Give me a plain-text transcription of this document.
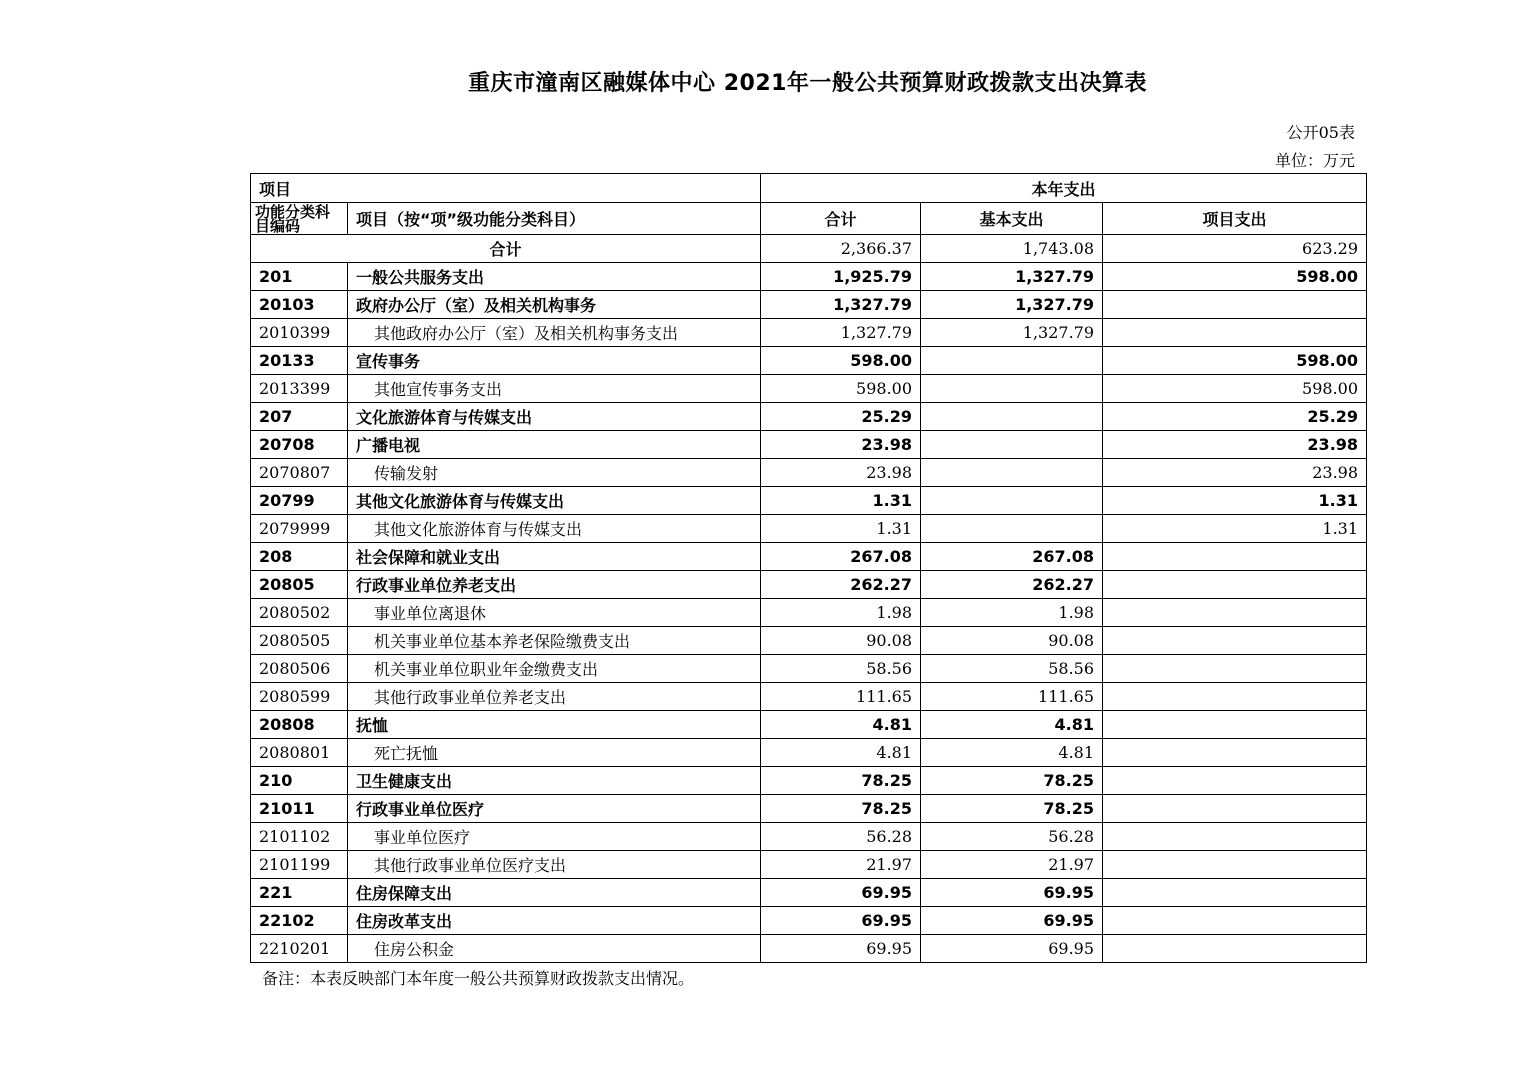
重庆市潼南区融媒体中心 2021年一般公共预算财政拨款支出决算表
公开05表
单位：万元
项目		本年支出		
功能分类科目编码	项目（按“项”级功能分类科目）	合计	基本支出	项目支出
合计		2,366.37	1,743.08	623.29
201	一般公共服务支出	1,925.79	1,327.79	598.00
20103	政府办公厅（室）及相关机构事务	1,327.79	1,327.79	
2010399	其他政府办公厅（室）及相关机构事务支出	1,327.79	1,327.79	
20133	宣传事务	598.00		598.00
2013399	其他宣传事务支出	598.00		598.00
207	文化旅游体育与传媒支出	25.29		25.29
20708	广播电视	23.98		23.98
2070807	传输发射	23.98		23.98
20799	其他文化旅游体育与传媒支出	1.31		1.31
2079999	其他文化旅游体育与传媒支出	1.31		1.31
208	社会保障和就业支出	267.08	267.08	
20805	行政事业单位养老支出	262.27	262.27	
2080502	事业单位离退休	1.98	1.98	
2080505	机关事业单位基本养老保险缴费支出	90.08	90.08	
2080506	机关事业单位职业年金缴费支出	58.56	58.56	
2080599	其他行政事业单位养老支出	111.65	111.65	
20808	抚恤	4.81	4.81	
2080801	死亡抚恤	4.81	4.81	
210	卫生健康支出	78.25	78.25	
21011	行政事业单位医疗	78.25	78.25	
2101102	事业单位医疗	56.28	56.28	
2101199	其他行政事业单位医疗支出	21.97	21.97	
221	住房保障支出	69.95	69.95	
22102	住房改革支出	69.95	69.95	
2210201	住房公积金	69.95	69.95	
备注：本表反映部门本年度一般公共预算财政拨款支出情况。
